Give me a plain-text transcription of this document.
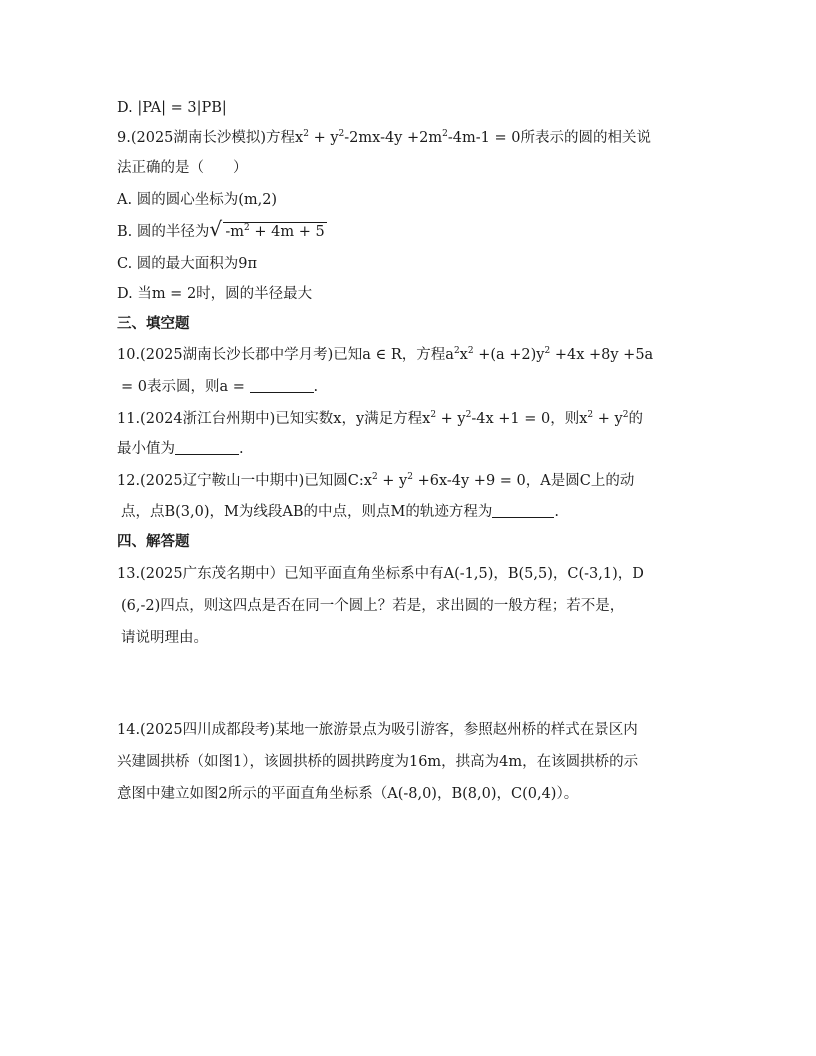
D. |PA| = 3|PB|
9.(2025湖南长沙模拟)方程$x^2 + y^2-2mx-4y +2m^2-4m-1 = 0$所表示的圆的相关说
法正确的是（　　）
A. 圆的圆心坐标为(m,2)
B. 圆的半径为 √ $-m^2 + 4m + 5$
C. 圆的最大面积为9π
D. 当m = 2时，圆的半径最大
三、填空题
10.(2025湖南长沙长郡中学月考)已知a ∈ R，方程$a^2x^2 +(a +2)y^2 +4x +8y +5a$
= 0表示圆，则a =	.
11.(2024浙江台州期中)已知实数x，y满足方程$x^2 + y^2-4x +1 = 0$，则$x^2 + y^2$的
最小值为	.
12.(2025辽宁鞍山一中期中)已知圆$C:x^2 + y^2 +6x-4y +9 = 0$，A是圆C上的动
点，点B(3,0)，M为线段AB的中点，则点M的轨迹方程为	.
四、解答题
13.(2025广东茂名期中）已知平面直角坐标系中有A(-1,5)，B(5,5)，C(-3,1)，D
(6,-2)四点，则这四点是否在同一个圆上？若是，求出圆的一般方程；若不是，
请说明理由。
14.(2025四川成都段考)某地一旅游景点为吸引游客，参照赵州桥的样式在景区内
兴建圆拱桥（如图1），该圆拱桥的圆拱跨度为16m，拱高为4m，在该圆拱桥的示
意图中建立如图2所示的平面直角坐标系（A(-8,0)，B(8,0)，C(0,4)）。
